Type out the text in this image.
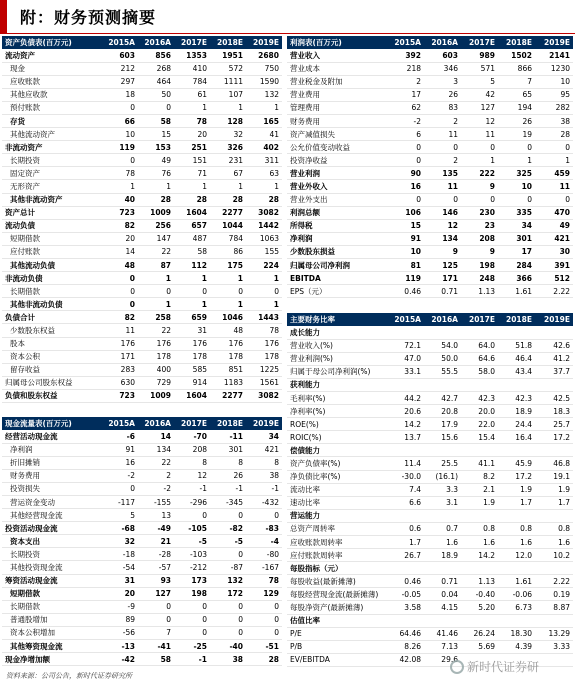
附：财务预测摘要
资产负债表(百万元)	2015A	2016A	2017E	2018E	2019E
流动资产	603	856	1353	1951	2680
现金	212	268	410	572	750
应收账款	297	464	784	1111	1590
其他应收款	18	50	61	107	132
预付账款	0	0	1	1	1
存货	66	58	78	128	165
其他流动资产	10	15	20	32	41
非流动资产	119	153	251	326	402
长期投资	0	49	151	231	311
固定资产	78	76	71	67	63
无形资产	1	1	1	1	1
其他非流动资产	40	28	28	28	28
资产总计	723	1009	1604	2277	3082
流动负债	82	256	657	1044	1442
短期借款	20	147	487	784	1063
应付账款	14	22	58	86	155
其他流动负债	48	87	112	175	224
非流动负债	0	1	1	1	1
长期借款	0	0	0	0	0
其他非流动负债	0	1	1	1	1
负债合计	82	258	659	1046	1443
少数股东权益	11	22	31	48	78
股本	176	176	176	176	176
资本公积	171	178	178	178	178
留存收益	283	400	585	851	1225
归属母公司股东权益	630	729	914	1183	1561
负债和股东权益	723	1009	1604	2277	3082
利润表(百万元)	2015A	2016A	2017E	2018E	2019E
营业收入	392	603	989	1502	2141
营业成本	218	346	571	866	1230
营业税金及附加	2	3	5	7	10
营业费用	17	26	42	65	95
管理费用	62	83	127	194	282
财务费用	-2	2	12	26	38
资产减值损失	6	11	11	19	28
公允价值变动收益	0	0	0	0	0
投资净收益	0	2	1	1	1
营业利润	90	135	222	325	459
营业外收入	16	11	9	10	11
营业外支出	0	0	0	0	0
利润总额	106	146	230	335	470
所得税	15	12	23	34	49
净利润	91	134	208	301	421
少数股东损益	10	9	9	17	30
归属母公司净利润	81	125	198	284	391
EBITDA	119	171	248	366	512
EPS（元）	0.46	0.71	1.13	1.61	2.22
主要财务比率	2015A	2016A	2017E	2018E	2019E
成长能力					
营业收入(%)	72.1	54.0	64.0	51.8	42.6
营业利润(%)	47.0	50.0	64.6	46.4	41.2
归属于母公司净利润(%)	33.1	55.5	58.0	43.4	37.7
获利能力					
毛利率(%)	44.2	42.7	42.3	42.3	42.5
净利率(%)	20.6	20.8	20.0	18.9	18.3
ROE(%)	14.2	17.9	22.0	24.4	25.7
ROIC(%)	13.7	15.6	15.4	16.4	17.2
偿债能力					
资产负债率(%)	11.4	25.5	41.1	45.9	46.8
净负债比率(%)	-30.0	(16.1)	8.2	17.2	19.1
流动比率	7.4	3.3	2.1	1.9	1.9
速动比率	6.6	3.1	1.9	1.7	1.7
营运能力					
总资产周转率	0.6	0.7	0.8	0.8	0.8
应收账款周转率	1.7	1.6	1.6	1.6	1.6
应付账款周转率	26.7	18.9	14.2	12.0	10.2
每股指标（元）					
每股收益(最新摊薄)	0.46	0.71	1.13	1.61	2.22
每股经营现金流(最新摊薄)	-0.05	0.04	-0.40	-0.06	0.19
每股净资产(最新摊薄)	3.58	4.15	5.20	6.73	8.87
估值比率					
P/E	64.46	41.46	26.24	18.30	13.29
P/B	8.26	7.13	5.69	4.39	3.33
EV/EBITDA	42.08	29.6			
现金流量表(百万元)	2015A	2016A	2017E	2018E	2019E
经营活动现金流	-6	14	-70	-11	34
净利润	91	134	208	301	421
折旧摊销	16	22	8	8	8
财务费用	-2	2	12	26	38
投资损失	0	-2	-1	-1	-1
营运资金变动	-117	-155	-296	-345	-432
其他经营现金流	5	13	0	0	0
投资活动现金流	-68	-49	-105	-82	-83
资本支出	32	21	-5	-5	-4
长期投资	-18	-28	-103	0	-80
其他投资现金流	-54	-57	-212	-87	-167
筹资活动现金流	31	93	173	132	78
短期借款	20	127	198	172	129
长期借款	-9	0	0	0	0
普通股增加	89	0	0	0	0
资本公积增加	-56	7	0	0	0
其他筹资现金流	-13	-41	-25	-40	-51
现金净增加额	-42	58	-1	38	28
资料来源：公司公告，新时代证券研究所
新时代证券研
